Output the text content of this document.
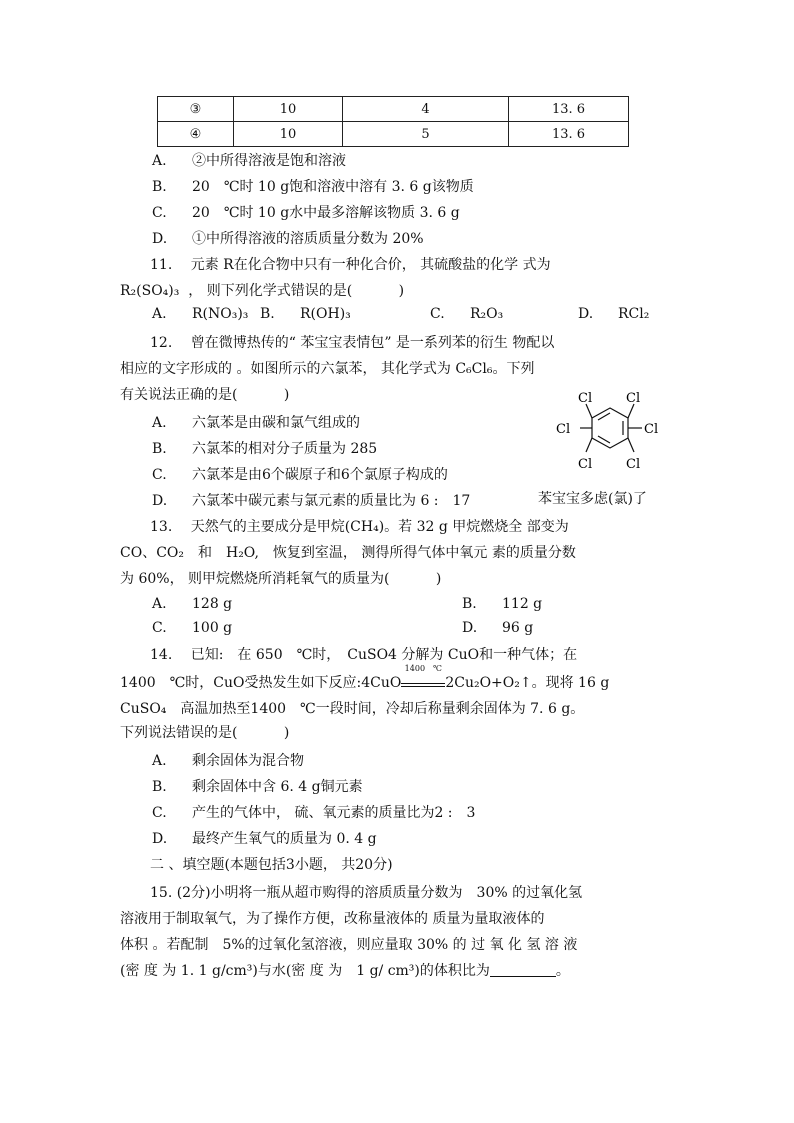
③	10	4	13. 6
④	10	5	13. 6
A. ②中所得溶液是饱和溶液
B. 20　℃时 10 g饱和溶液中溶有 3. 6 g该物质
C. 20　℃时 10 g水中最多溶解该物质 3. 6 g
D. ①中所得溶液的溶质质量分数为 20%
11.　 元素 R在化合物中只有一种化合价， 其硫酸盐的化学 式为
R₂(SO₄)₃ ， 则下列化学式错误的是(　　　 )
A. R(NO₃)₃ B. R(OH)₃	C. R₂O₃	D. RCl₂
12.　 曾在微博热传的“ 苯宝宝表情包” 是一系列苯的衍生 物配以
相应的文字形成的 。如图所示的六氯苯， 其化学式为 C₆Cl₆。下列
有关说法正确的是(　　　 )
A. 六氯苯是由碳和氯气组成的
B. 六氯苯的相对分子质量为 285
C. 六氯苯是由6个碳原子和6个氯原子构成的
D. 六氯苯中碳元素与氯元素的质量比为 6 :　17
Cl	Cl
Cl	Cl
Cl	Cl
苯宝宝多虑(氯)了
13.　 天然气的主要成分是甲烷(CH₄)。若 32 g 甲烷燃烧全 部变为
CO、CO₂　和　H₂O,　恢复到室温， 测得所得气体中氧元 素的质量分数
为 60%， 则甲烷燃烧所消耗氧气的质量为(　　　 )
A. 128 g	B. 112 g
C. 100 g	D. 96 g
14.　 已知:　在 650　℃时，　CuSO4 分解为 CuO和一种气体；在
1400　℃时，CuO受热发生如下反应:4CuO
1400　℃
2Cu₂O+O₂↑。现将 16 g
CuSO₄　高温加热至1400　℃一段时间，冷却后称量剩余固体为 7. 6 g。
下列说法错误的是(　　　 )
A. 剩余固体为混合物
B. 剩余固体中含 6. 4 g铜元素
C. 产生的气体中， 硫、氧元素的质量比为2 :　3
D. 最终产生氧气的质量为 0. 4 g
二 、填空题(本题包括3小题， 共20分)
15. (2分)小明将一瓶从超市购得的溶质质量分数为　30% 的过氧化氢
溶液用于制取氧气，为了操作方便，改称量液体的 质量为量取液体的
体积 。若配制　5%的过氧化氢溶液，则应量取 30% 的 过 氧 化 氢 溶 液
(密 度 为 1. 1 g/cm³)与水(密 度 为　1 g/ cm³)的体积比为	。
